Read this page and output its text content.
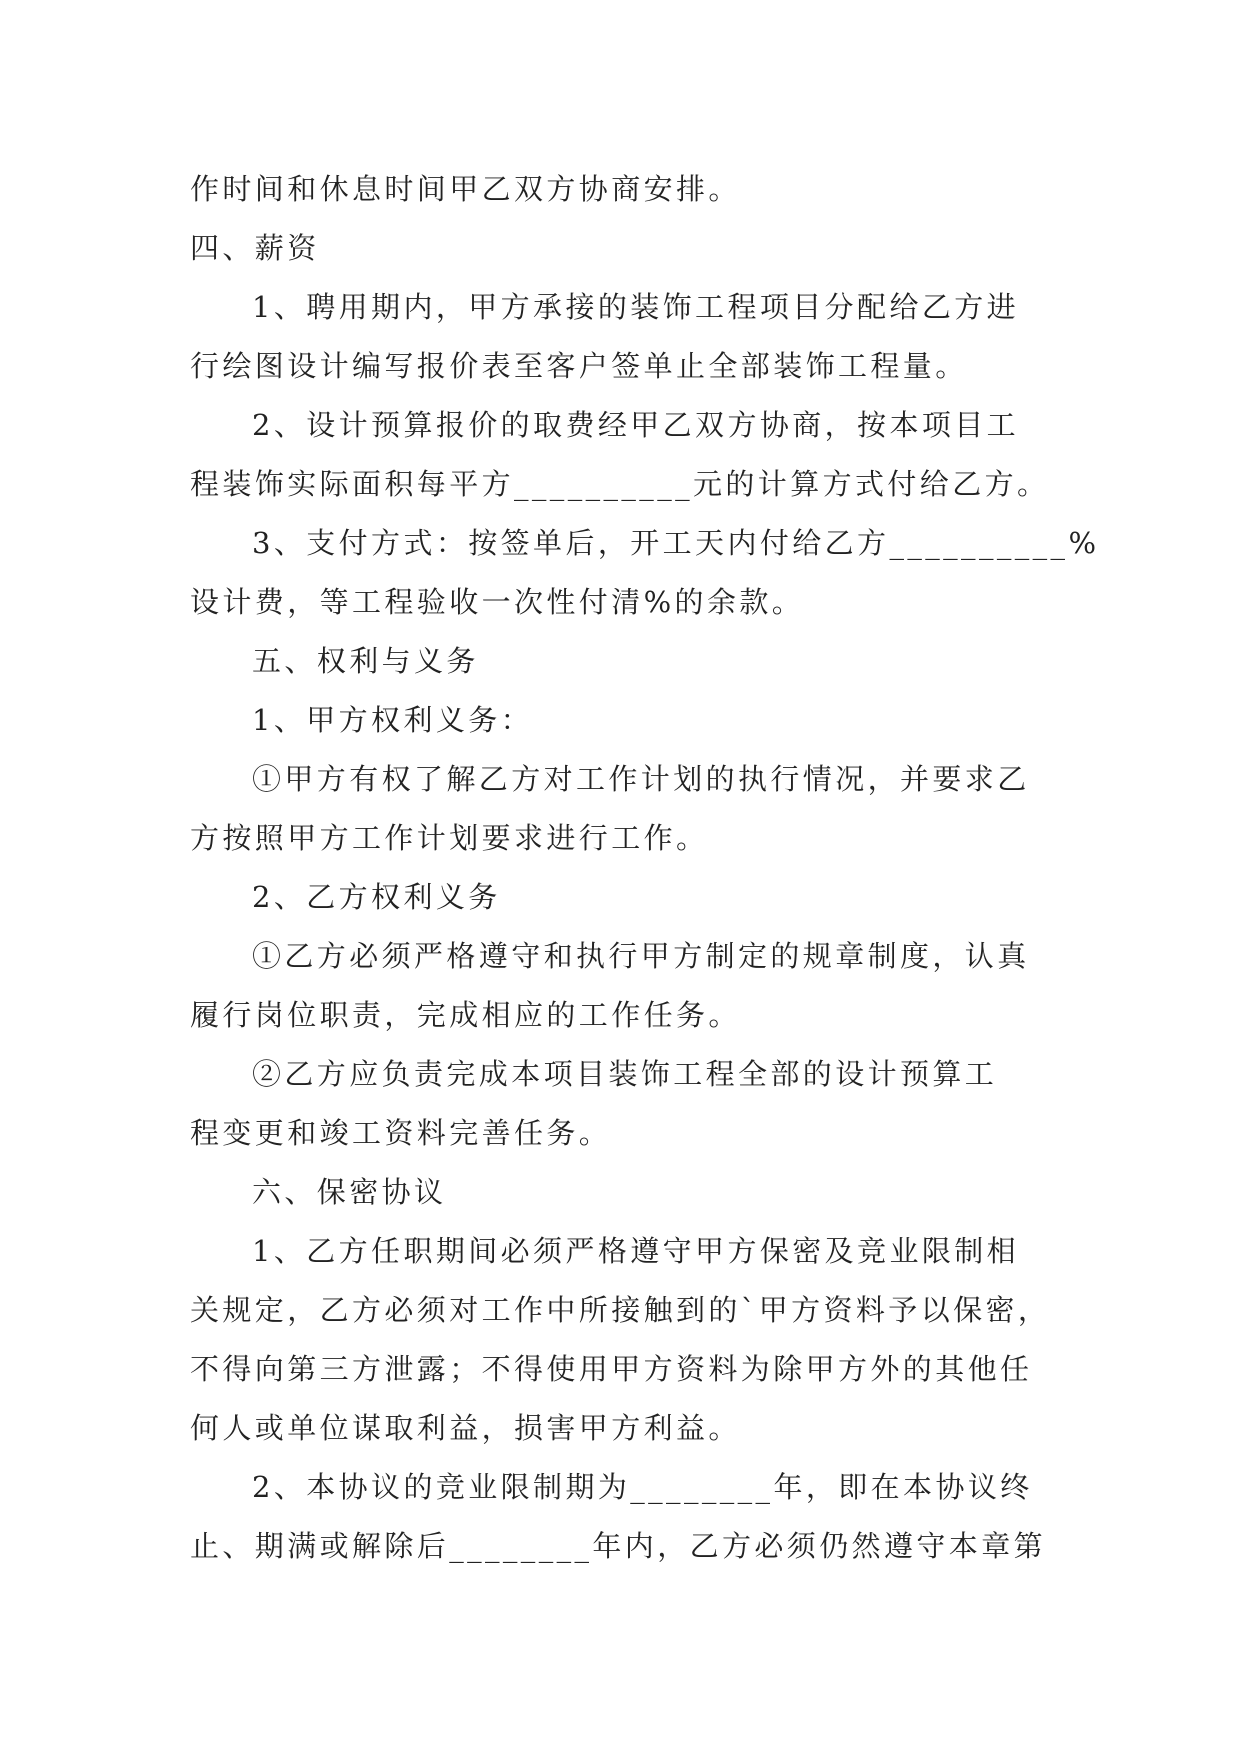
作时间和休息时间甲乙双方协商安排。
四、薪资
1、聘用期内，甲方承接的装饰工程项目分配给乙方进
行绘图设计编写报价表至客户签单止全部装饰工程量。
2、设计预算报价的取费经甲乙双方协商，按本项目工
程装饰实际面积每平方__________元的计算方式付给乙方。
3、支付方式：按签单后，开工天内付给乙方__________%
设计费，等工程验收一次性付清%的余款。
五、权利与义务
1、甲方权利义务：
①甲方有权了解乙方对工作计划的执行情况，并要求乙
方按照甲方工作计划要求进行工作。
2、乙方权利义务
①乙方必须严格遵守和执行甲方制定的规章制度，认真
履行岗位职责，完成相应的工作任务。
②乙方应负责完成本项目装饰工程全部的设计预算工
程变更和竣工资料完善任务。
六、保密协议
1、乙方任职期间必须严格遵守甲方保密及竞业限制相
关规定，乙方必须对工作中所接触到的`甲方资料予以保密，
不得向第三方泄露；不得使用甲方资料为除甲方外的其他任
何人或单位谋取利益，损害甲方利益。
2、本协议的竞业限制期为________年，即在本协议终
止、期满或解除后________年内，乙方必须仍然遵守本章第
